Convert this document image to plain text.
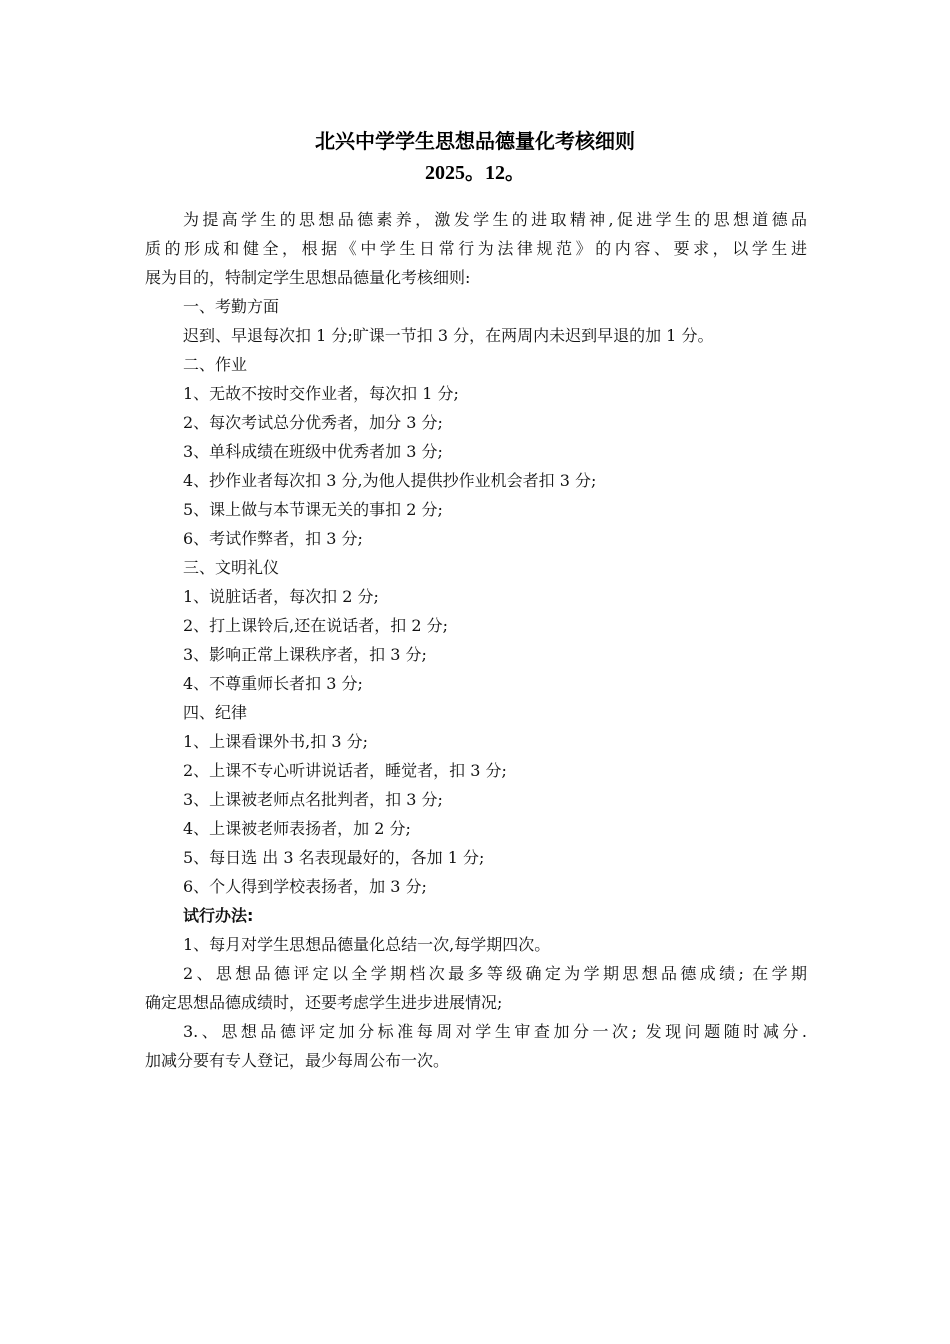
北兴中学学生思想品德量化考核细则
2025。12。
为提高学生的思想品德素养，激发学生的进取精神,促进学生的思想道德品
质的形成和健全，根据《中学生日常行为法律规范》的内容、要求，以学生进
展为目的，特制定学生思想品德量化考核细则:
一、考勤方面
迟到、早退每次扣 1 分;旷课一节扣 3 分，在两周内未迟到早退的加 1 分。
二、作业
1、无故不按时交作业者，每次扣 1 分;
2、每次考试总分优秀者，加分 3 分;
3、单科成绩在班级中优秀者加 3 分;
4、抄作业者每次扣 3 分,为他人提供抄作业机会者扣 3 分;
5、课上做与本节课无关的事扣 2 分;
6、考试作弊者，扣 3 分;
三、文明礼仪
1、说脏话者，每次扣 2 分;
2、打上课铃后,还在说话者，扣 2 分;
3、影响正常上课秩序者，扣 3 分;
4、不尊重师长者扣 3 分;
四、纪律
1、上课看课外书,扣 3 分;
2、上课不专心听讲说话者，睡觉者，扣 3 分;
3、上课被老师点名批判者，扣 3 分;
4、上课被老师表扬者，加 2 分;
5、每日选 出 3 名表现最好的，各加 1 分;
6、个人得到学校表扬者，加 3 分;
试行办法:
1、每月对学生思想品德量化总结一次,每学期四次。
2、思想品德评定以全学期档次最多等级确定为学期思想品德成绩; 在学期
确定思想品德成绩时，还要考虑学生进步进展情况;
3.、思想品德评定加分标准每周对学生审查加分一次; 发现问题随时减分.
加减分要有专人登记，最少每周公布一次。
